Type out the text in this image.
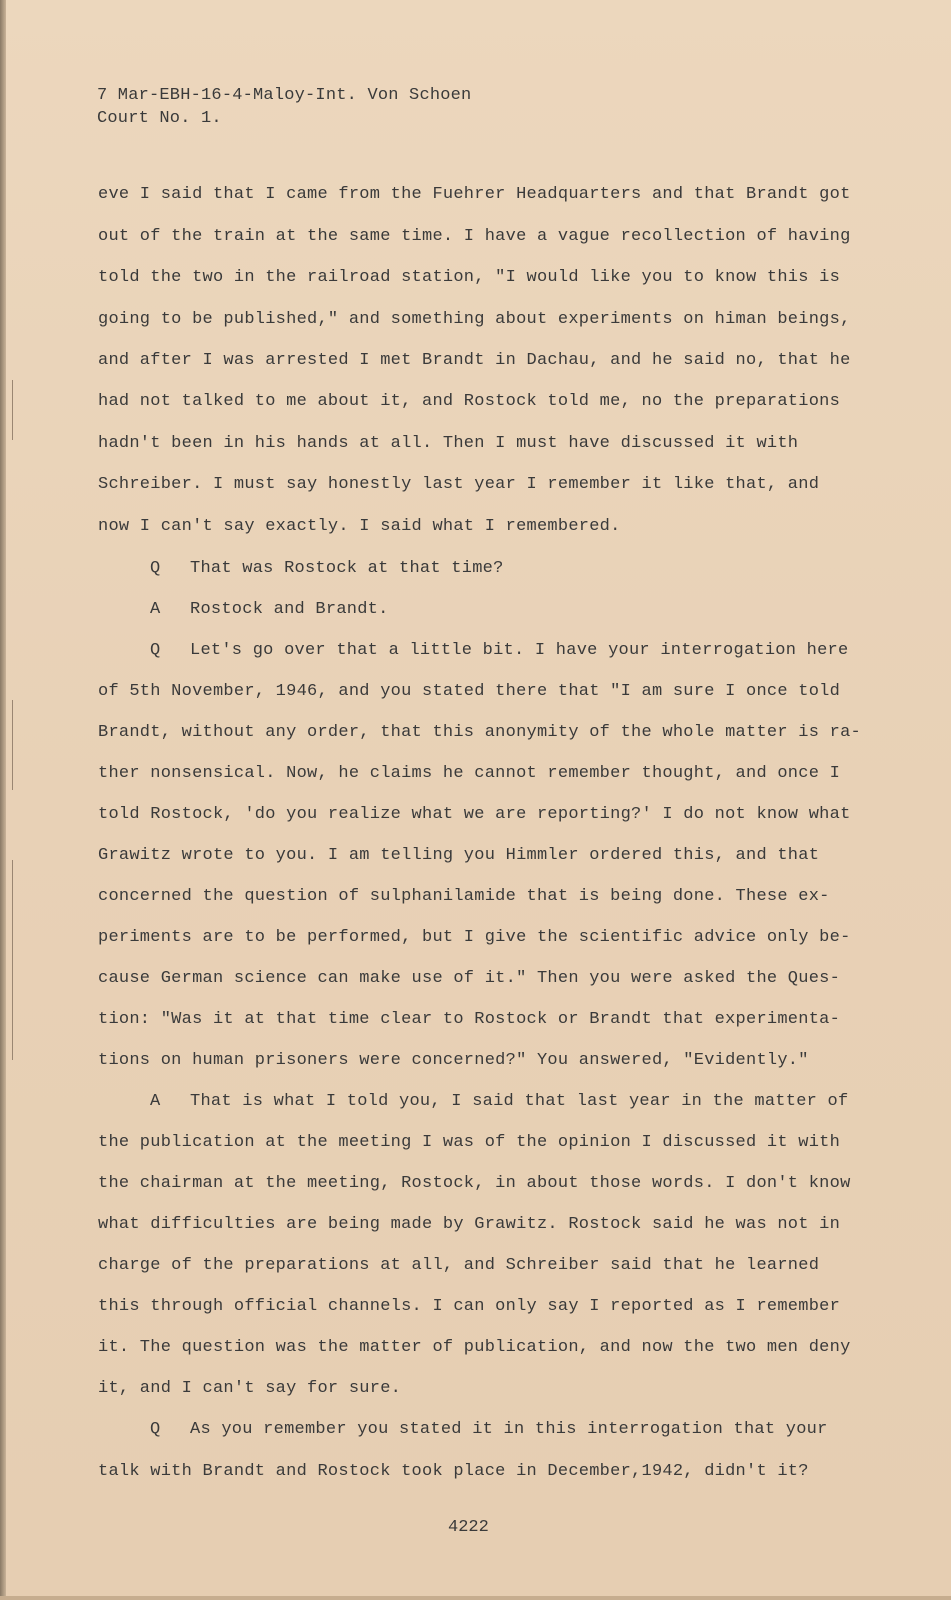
7 Mar-EBH-16-4-Maloy-Int. Von Schoen
Court No. 1.
eve I said that I came from the Fuehrer Headquarters and that Brandt got
out of the train at the same time. I have a vague recollection of having
told the two in the railroad station, "I would like you to know this is
going to be published," and something about experiments on himan beings,
and after I was arrested I met Brandt in Dachau, and he said no, that he
had not talked to me about it, and Rostock told me, no the preparations
hadn't been in his hands at all. Then I must have discussed it with
Schreiber. I must say honestly last year I remember it like that, and
now I can't say exactly. I said what I remembered.
Q That was Rostock at that time?
A Rostock and Brandt.
Q Let's go over that a little bit. I have your interrogation here
of 5th November, 1946, and you stated there that "I am sure I once told
Brandt, without any order, that this anonymity of the whole matter is ra-
ther nonsensical. Now, he claims he cannot remember thought, and once I
told Rostock, 'do you realize what we are reporting?' I do not know what
Grawitz wrote to you. I am telling you Himmler ordered this, and that
concerned the question of sulphanilamide that is being done. These ex-
periments are to be performed, but I give the scientific advice only be-
cause German science can make use of it." Then you were asked the Ques-
tion: "Was it at that time clear to Rostock or Brandt that experimenta-
tions on human prisoners were concerned?" You answered, "Evidently."
A That is what I told you, I said that last year in the matter of
the publication at the meeting I was of the opinion I discussed it with
the chairman at the meeting, Rostock, in about those words. I don't know
what difficulties are being made by Grawitz. Rostock said he was not in
charge of the preparations at all, and Schreiber said that he learned
this through official channels. I can only say I reported as I remember
it. The question was the matter of publication, and now the two men deny
it, and I can't say for sure.
Q As you remember you stated it in this interrogation that your
talk with Brandt and Rostock took place in December,1942, didn't it?
4222
